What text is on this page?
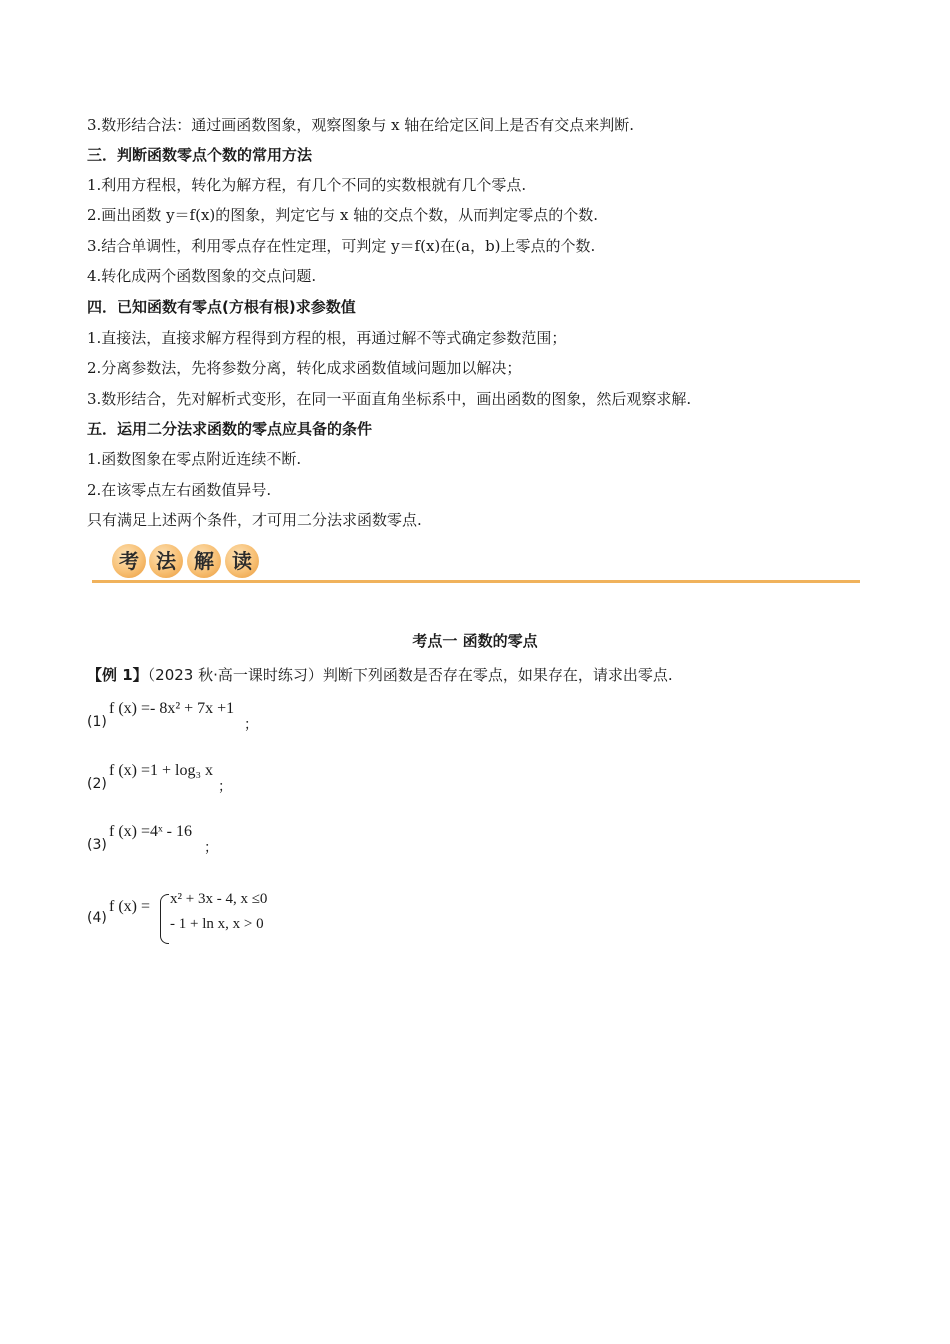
3.数形结合法：通过画函数图象，观察图象与 x 轴在给定区间上是否有交点来判断.
三．判断函数零点个数的常用方法
1.利用方程根，转化为解方程，有几个不同的实数根就有几个零点.
2.画出函数 y＝f(x)的图象，判定它与 x 轴的交点个数，从而判定零点的个数.
3.结合单调性，利用零点存在性定理，可判定 y＝f(x)在(a，b)上零点的个数.
4.转化成两个函数图象的交点问题.
四．已知函数有零点(方根有根)求参数值
1.直接法，直接求解方程得到方程的根，再通过解不等式确定参数范围；
2.分离参数法，先将参数分离，转化成求函数值域问题加以解决；
3.数形结合，先对解析式变形，在同一平面直角坐标系中，画出函数的图象，然后观察求解.
五．运用二分法求函数的零点应具备的条件
1.函数图象在零点附近连续不断.
2.在该零点左右函数值异号.
只有满足上述两个条件，才可用二分法求函数零点.
考 法 解 读
考点一 函数的零点
【例 1】（2023 秋·高一课时练习）判断下列函数是否存在零点，如果存在，请求出零点.
(1)
f (x) =- 8x² + 7x +1
；
(2)
f (x) =1 + log₃ x
；
(3)
f (x) =4ˣ - 16
；
(4)
f (x) = x² + 3x - 4, x ≤0
- 1 + ln x, x > 0
